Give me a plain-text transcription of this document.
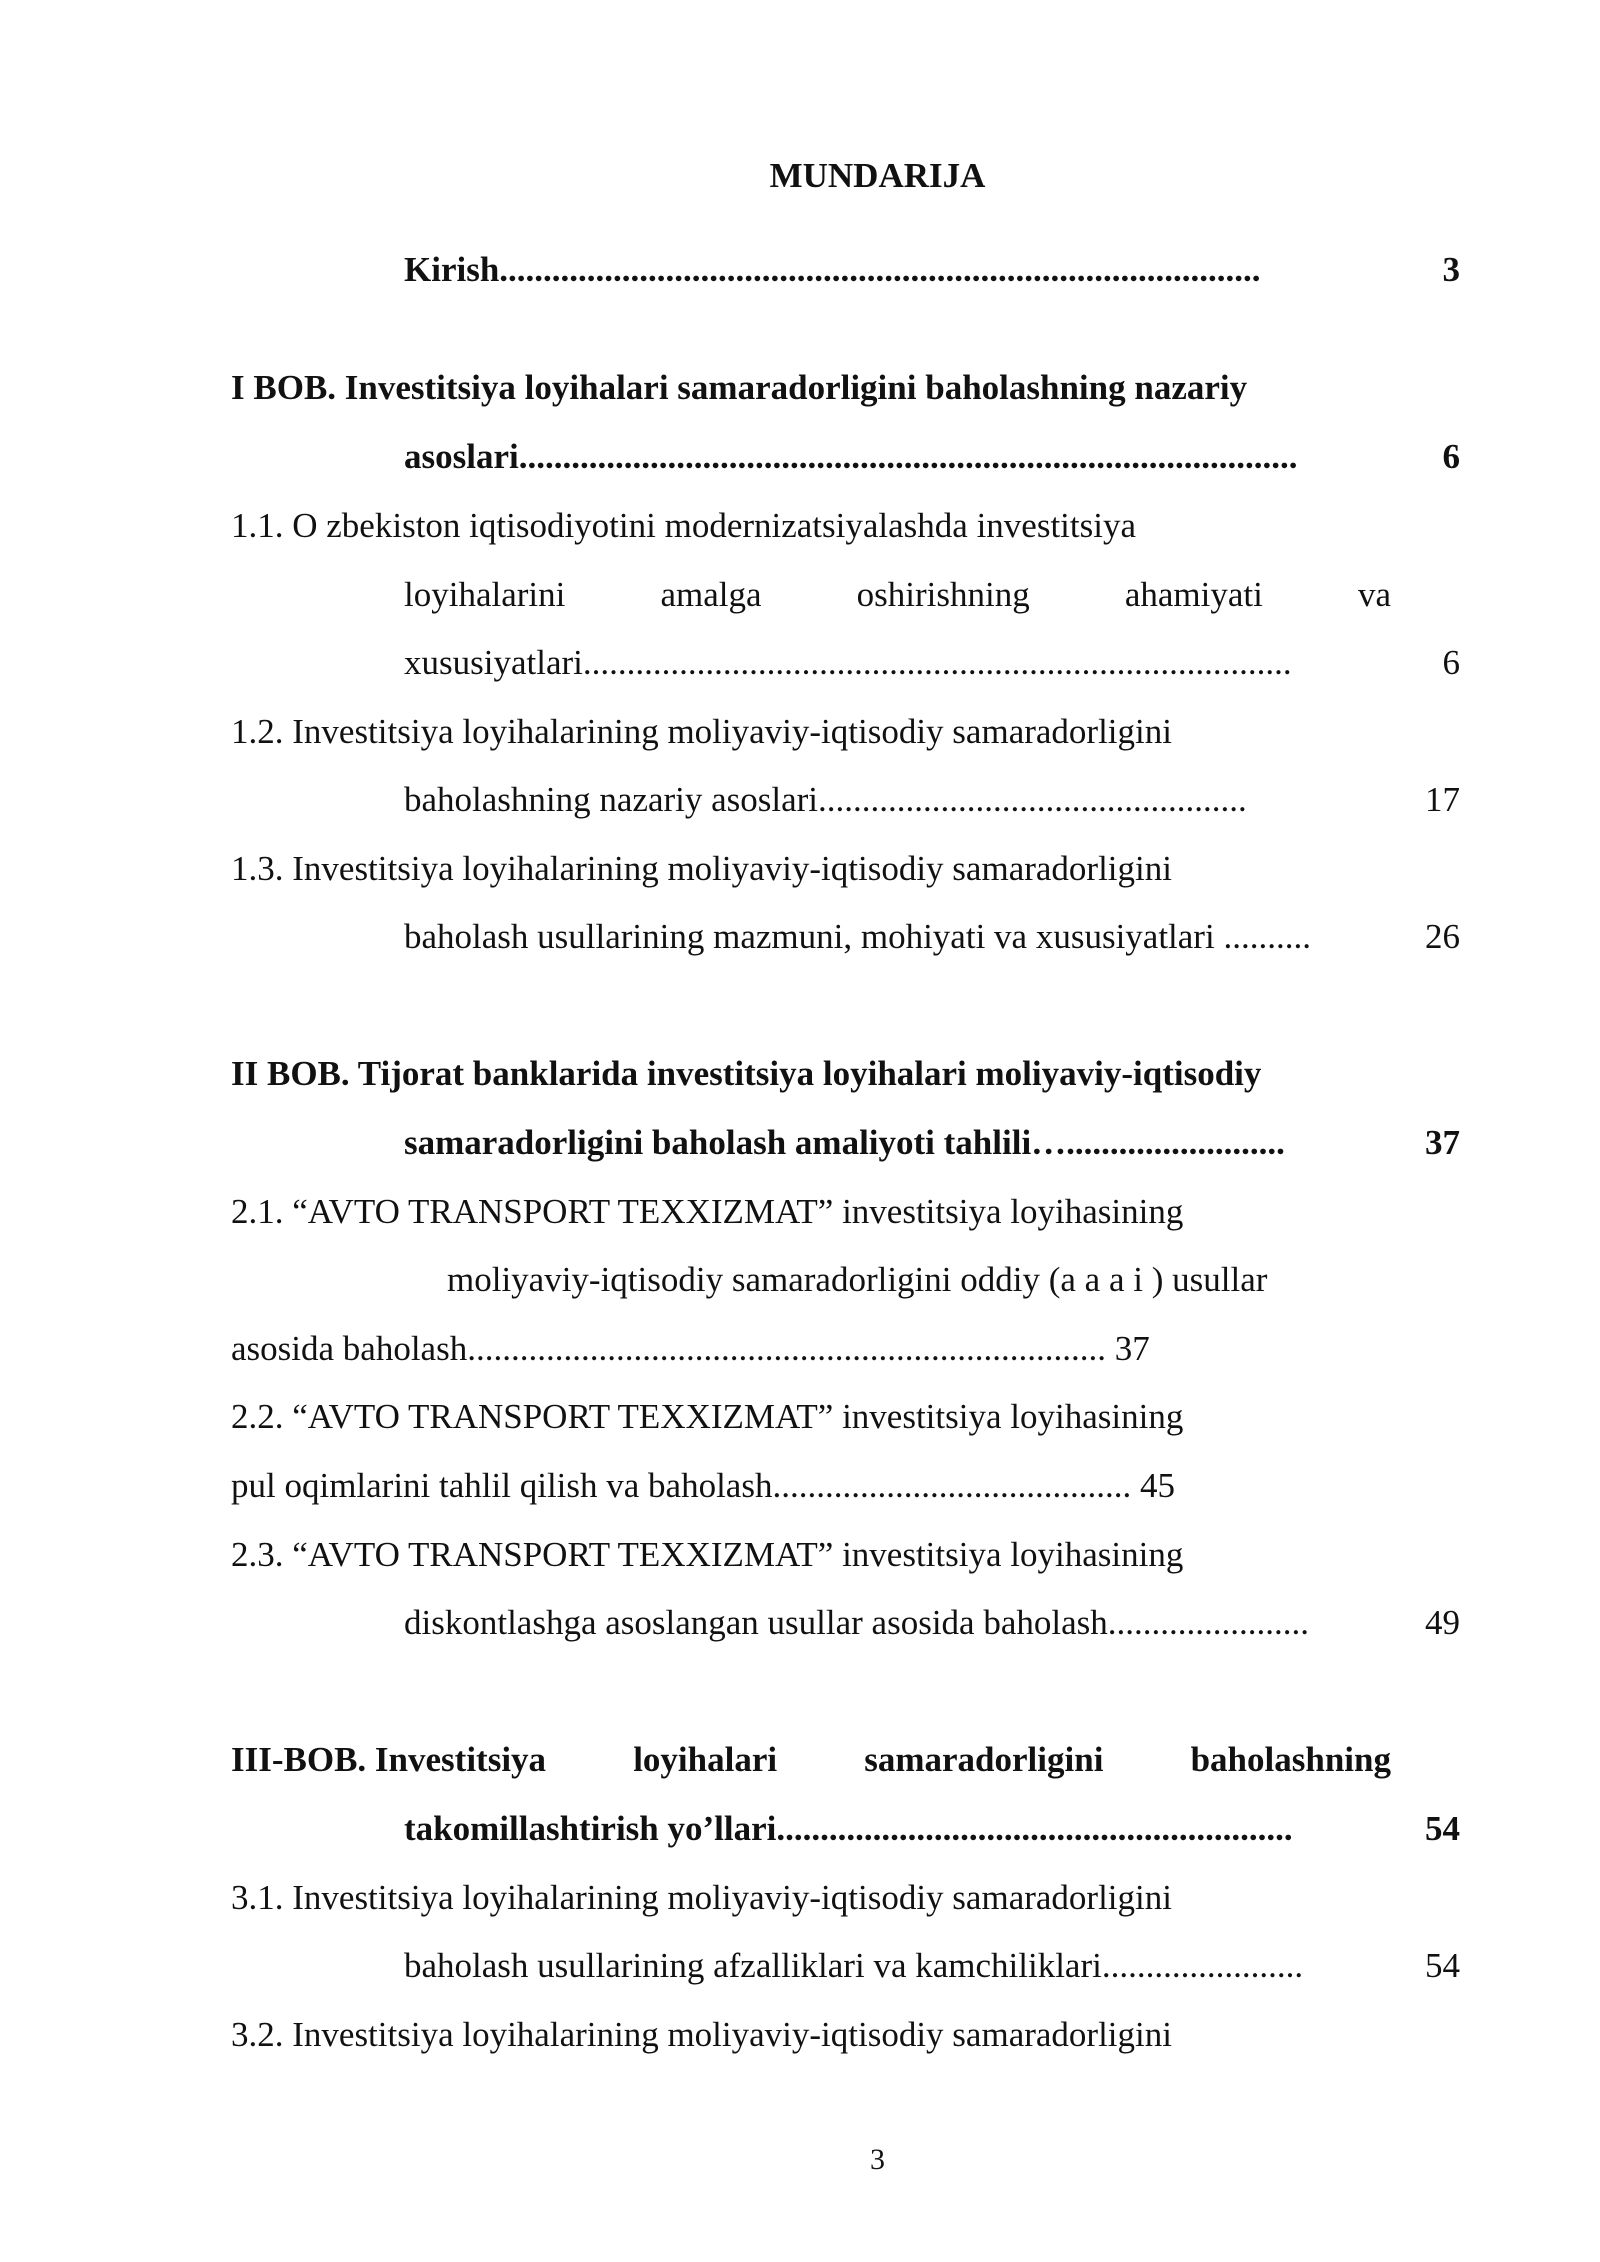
MUNDARIJA
Kirish.......................................................................................	3
I BOB. Investitsiya loyihalari samaradorligini baholashning nazariy
asoslari.........................................................................................	6
1.1. O zbekiston iqtisodiyotini modernizatsiyalashda investitsiya
loyihalarini	amalga	oshirishning	ahamiyati	va
xususiyatlari.................................................................................	6
1.2. Investitsiya loyihalarining moliyaviy-iqtisodiy samaradorligini
baholashning nazariy asoslari.................................................	17
1.3. Investitsiya loyihalarining moliyaviy-iqtisodiy samaradorligini
baholash usullarining mazmuni, mohiyati va xususiyatlari ..........	26
II BOB. Tijorat banklarida investitsiya loyihalari moliyaviy-iqtisodiy
samaradorligini baholash amaliyoti tahlili….........................	37
2.1. “AVTO TRANSPORT TEXXIZMAT” investitsiya loyihasining
moliyaviy-iqtisodiy samaradorligini oddiy (a a a i ) usullar
asosida baholash......................................................................... 37
2.2. “AVTO TRANSPORT TEXXIZMAT” investitsiya loyihasining
pul oqimlarini tahlil qilish va baholash......................................... 45
2.3. “AVTO TRANSPORT TEXXIZMAT” investitsiya loyihasining
diskontlashga asoslangan usullar asosida baholash.......................	49
III-BOB. Investitsiya loyihalari samaradorligini baholashning
takomillashtirish yo’llari...........................................................	54
3.1. Investitsiya loyihalarining moliyaviy-iqtisodiy samaradorligini
baholash usullarining afzalliklari va kamchiliklari.......................	54
3.2. Investitsiya loyihalarining moliyaviy-iqtisodiy samaradorligini
3
